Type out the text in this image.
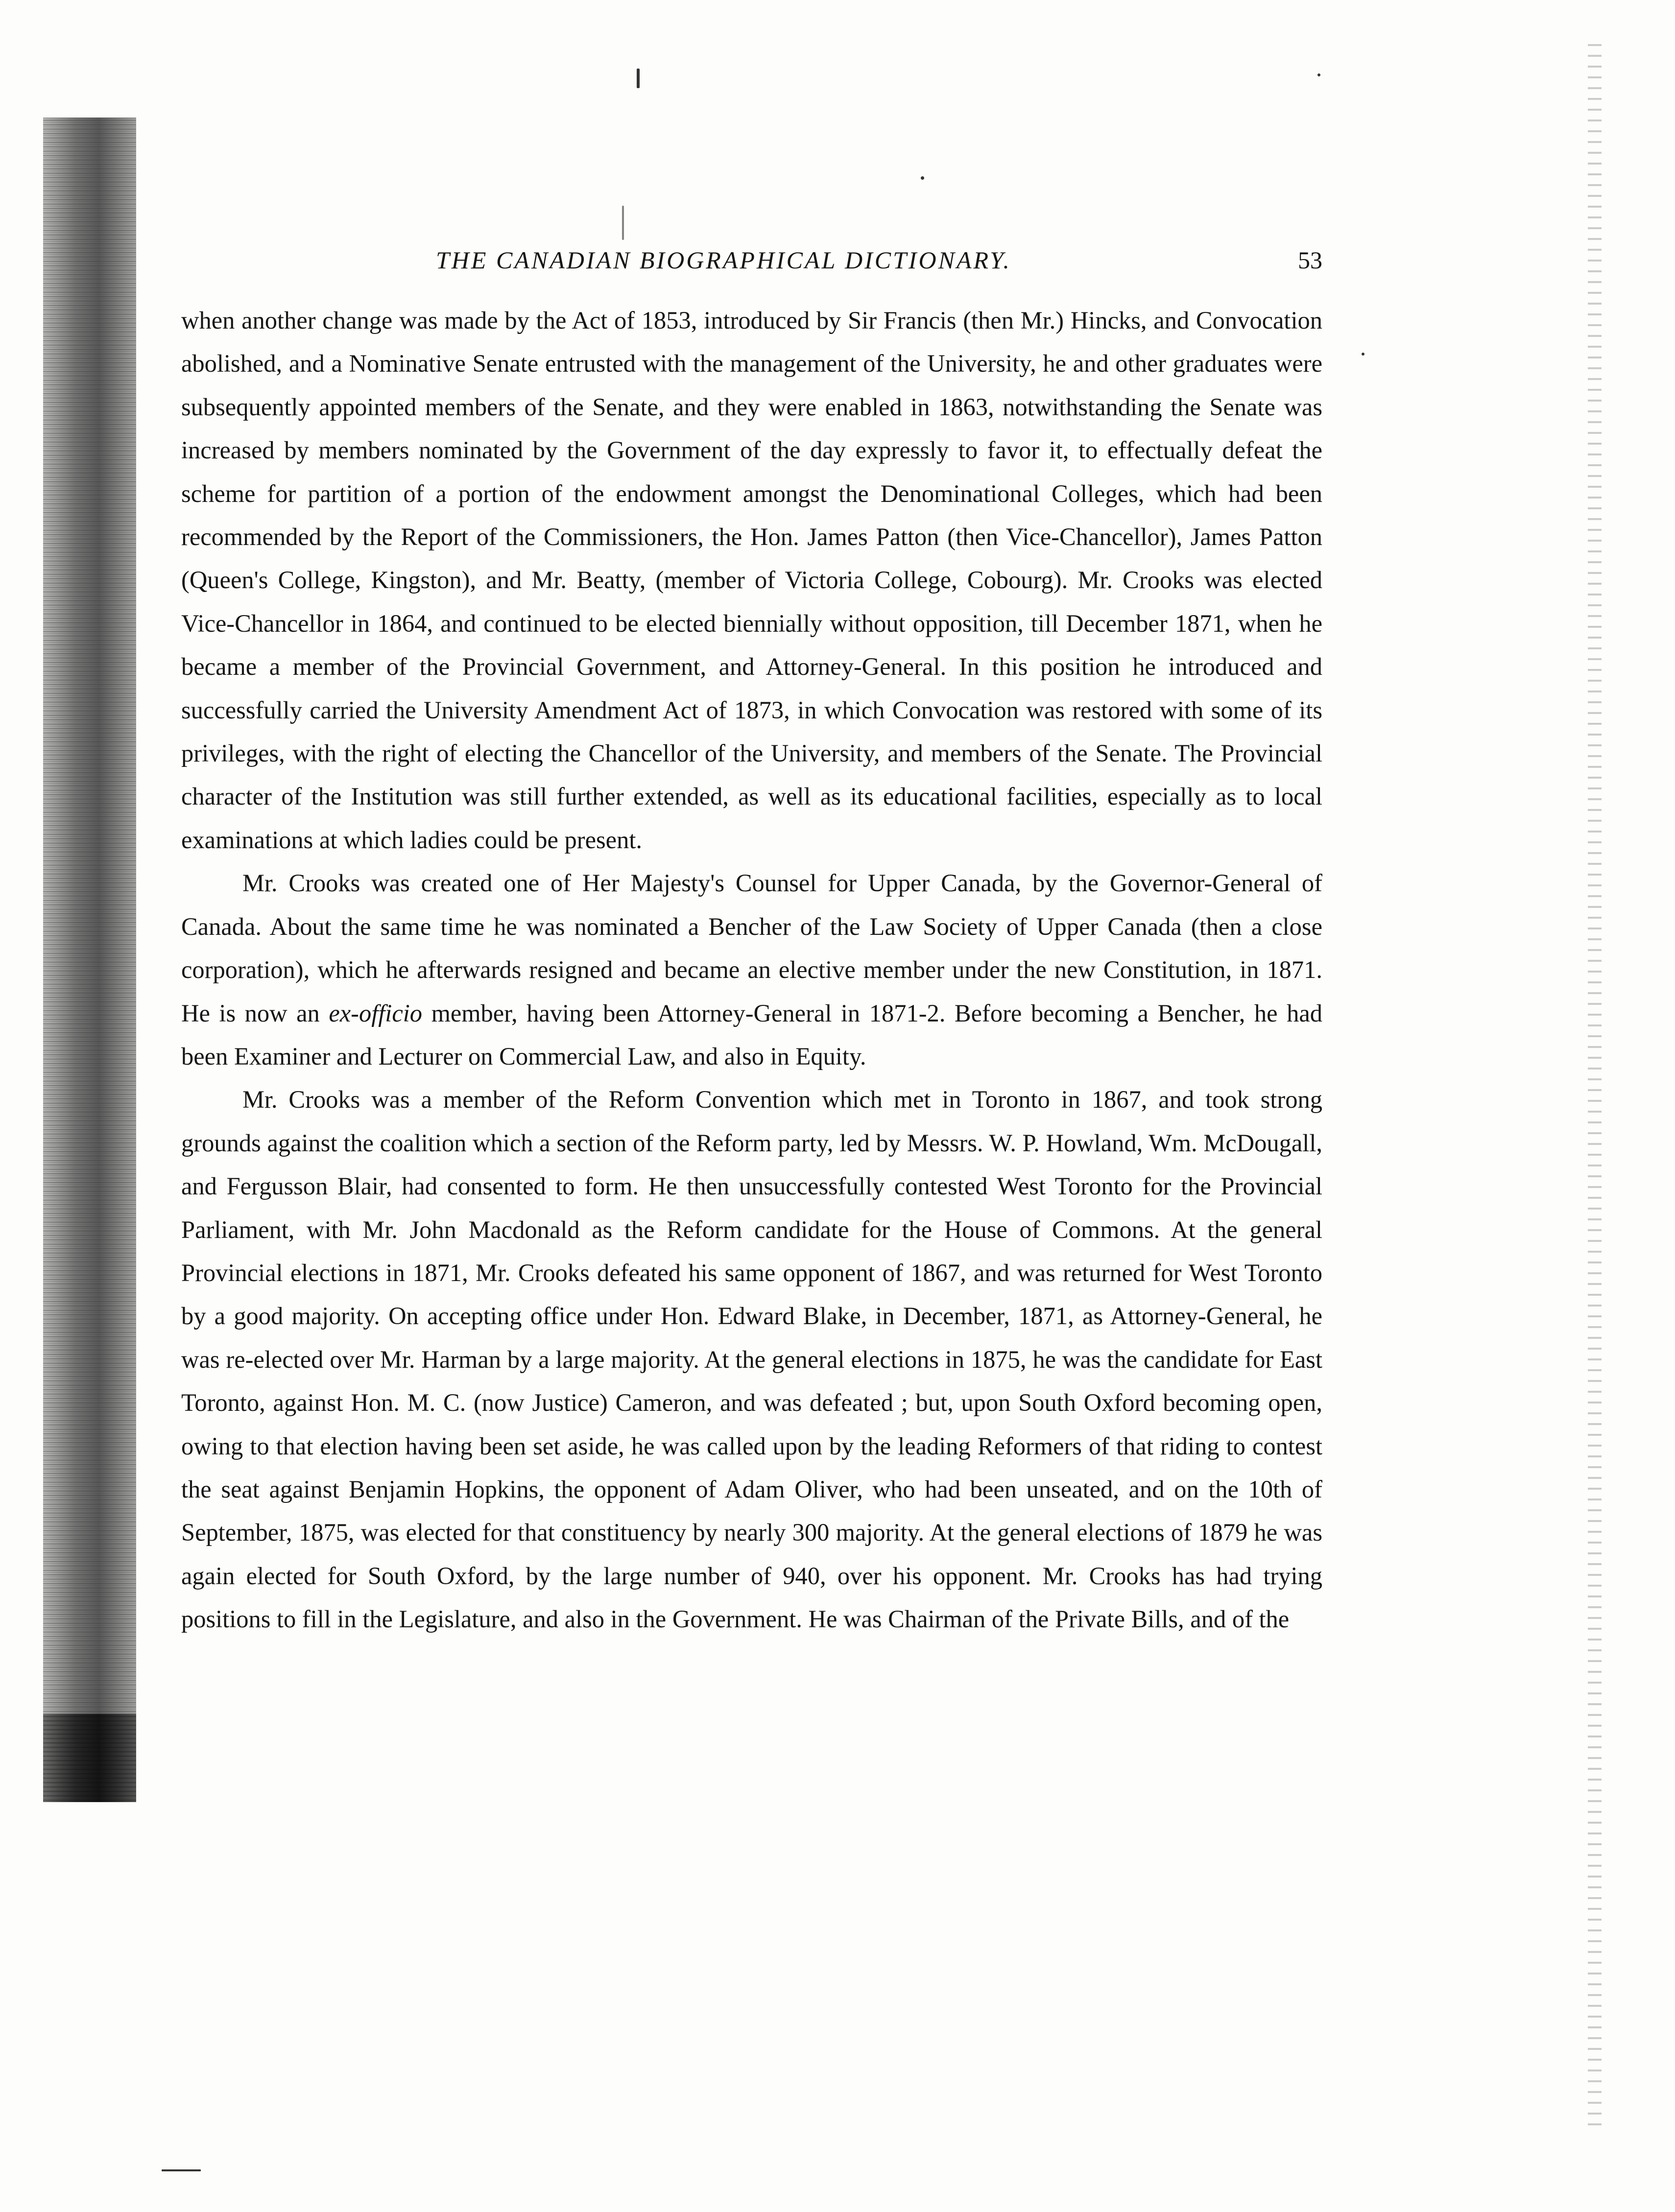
THE CANADIAN BIOGRAPHICAL DICTIONARY.	53

when another change was made by the Act of 1853, introduced by Sir Francis (then Mr.) Hincks, and Convocation abolished, and a Nominative Senate entrusted with the management of the University, he and other graduates were subsequently appointed members of the Senate, and they were enabled in 1863, notwithstanding the Senate was increased by members nominated by the Government of the day expressly to favor it, to effectually defeat the scheme for partition of a portion of the endowment amongst the Denominational Colleges, which had been recommended by the Report of the Commissioners, the Hon. James Patton (then Vice-Chancellor), James Patton (Queen's College, Kingston), and Mr. Beatty, (member of Victoria College, Cobourg). Mr. Crooks was elected Vice-Chancellor in 1864, and continued to be elected biennially without opposition, till December 1871, when he became a member of the Provincial Government, and Attorney-General. In this position he introduced and successfully carried the University Amendment Act of 1873, in which Convocation was restored with some of its privileges, with the right of electing the Chancellor of the University, and members of the Senate. The Provincial character of the Institution was still further extended, as well as its educational facilities, especially as to local examinations at which ladies could be present.

Mr. Crooks was created one of Her Majesty's Counsel for Upper Canada, by the Governor-General of Canada. About the same time he was nominated a Bencher of the Law Society of Upper Canada (then a close corporation), which he afterwards resigned and became an elective member under the new Constitution, in 1871. He is now an ex-officio member, having been Attorney-General in 1871-2. Before becoming a Bencher, he had been Examiner and Lecturer on Commercial Law, and also in Equity.

Mr. Crooks was a member of the Reform Convention which met in Toronto in 1867, and took strong grounds against the coalition which a section of the Reform party, led by Messrs. W. P. Howland, Wm. McDougall, and Fergusson Blair, had consented to form. He then unsuccessfully contested West Toronto for the Provincial Parliament, with Mr. John Macdonald as the Reform candidate for the House of Commons. At the general Provincial elections in 1871, Mr. Crooks defeated his same opponent of 1867, and was returned for West Toronto by a good majority. On accepting office under Hon. Edward Blake, in December, 1871, as Attorney-General, he was re-elected over Mr. Harman by a large majority. At the general elections in 1875, he was the candidate for East Toronto, against Hon. M. C. (now Justice) Cameron, and was defeated ; but, upon South Oxford becoming open, owing to that election having been set aside, he was called upon by the leading Reformers of that riding to contest the seat against Benjamin Hopkins, the opponent of Adam Oliver, who had been unseated, and on the 10th of September, 1875, was elected for that constituency by nearly 300 majority. At the general elections of 1879 he was again elected for South Oxford, by the large number of 940, over his opponent. Mr. Crooks has had trying positions to fill in the Legislature, and also in the Government. He was Chairman of the Private Bills, and of the
